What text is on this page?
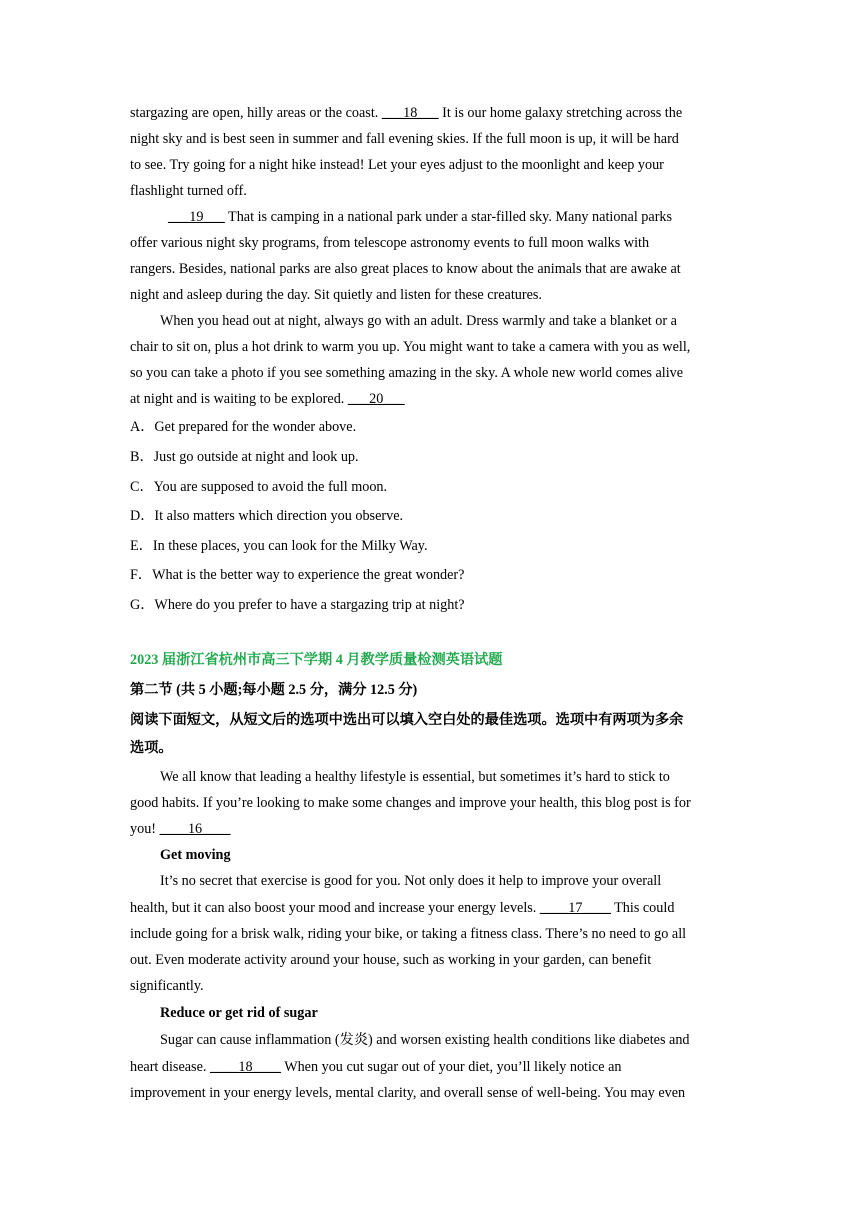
stargazing are open, hilly areas or the coast. ___18___ It is our home galaxy stretching across the
night sky and is best seen in summer and fall evening skies. If the full moon is up, it will be hard
to see. Try going for a night hike instead! Let your eyes adjust to the moonlight and keep your
flashlight turned off.
___19___ That is camping in a national park under a star-filled sky. Many national parks
offer various night sky programs, from telescope astronomy events to full moon walks with
rangers. Besides, national parks are also great places to know about the animals that are awake at
night and asleep during the day. Sit quietly and listen for these creatures.
When you head out at night, always go with an adult. Dress warmly and take a blanket or a
chair to sit on, plus a hot drink to warm you up. You might want to take a camera with you as well,
so you can take a photo if you see something amazing in the sky. A whole new world comes alive
at night and is waiting to be explored. ___20___
A．Get prepared for the wonder above.
B．Just go outside at night and look up.
C．You are supposed to avoid the full moon.
D．It also matters which direction you observe.
E．In these places, you can look for the Milky Way.
F．What is the better way to experience the great wonder?
G．Where do you prefer to have a stargazing trip at night?
2023 届浙江省杭州市高三下学期 4 月教学质量检测英语试题
第二节 (共 5 小题;每小题 2.5 分，满分 12.5 分)
阅读下面短文，从短文后的选项中选出可以填入空白处的最佳选项。选项中有两项为多余
选项。
We all know that leading a healthy lifestyle is essential, but sometimes it’s hard to stick to
good habits. If you’re looking to make some changes and improve your health, this blog post is for
you! ____16____
Get moving
It’s no secret that exercise is good for you. Not only does it help to improve your overall
health, but it can also boost your mood and increase your energy levels. ____17____ This could
include going for a brisk walk, riding your bike, or taking a fitness class. There’s no need to go all
out. Even moderate activity around your house, such as working in your garden, can benefit
significantly.
Reduce or get rid of sugar
Sugar can cause inflammation (发炎) and worsen existing health conditions like diabetes and
heart disease. ____18____ When you cut sugar out of your diet, you’ll likely notice an
improvement in your energy levels, mental clarity, and overall sense of well-being. You may even
